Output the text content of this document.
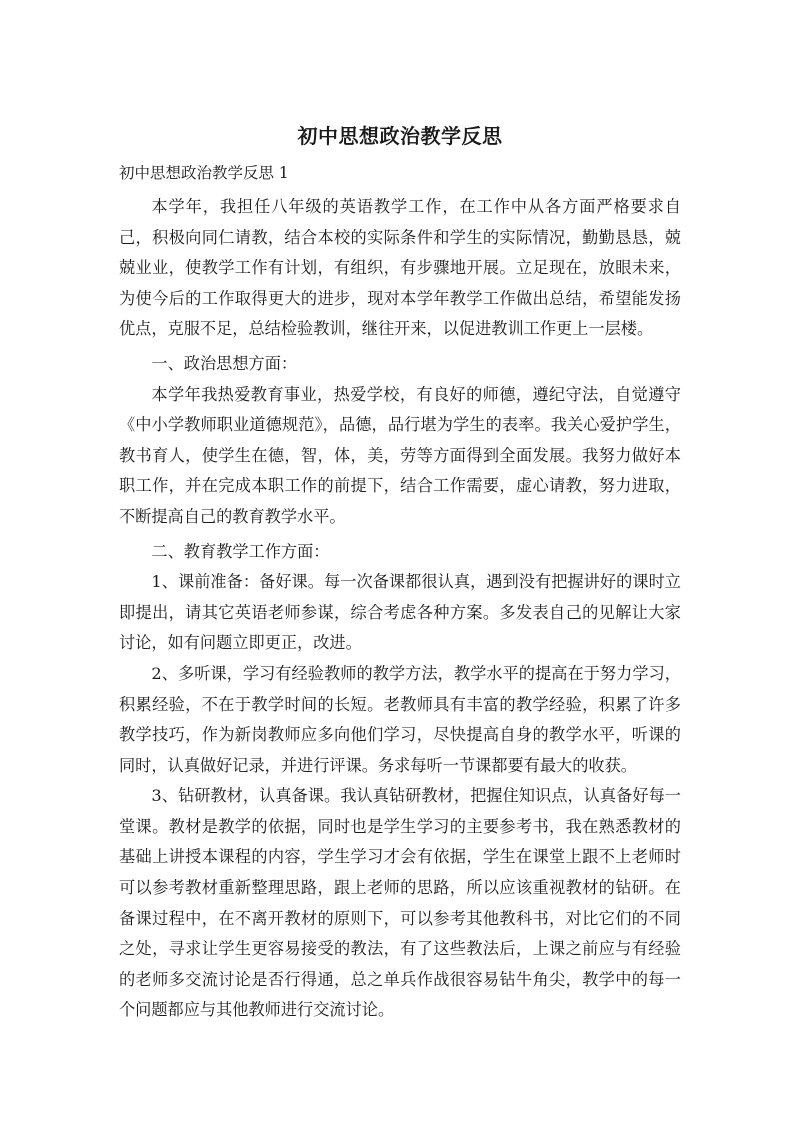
初中思想政治教学反思
初中思想政治教学反思 1

本学年，我担任八年级的英语教学工作，在工作中从各方面严格要求自己，积极向同仁请教，结合本校的实际条件和学生的实际情况，勤勤恳恳，兢兢业业，使教学工作有计划，有组织，有步骤地开展。立足现在，放眼未来，为使今后的工作取得更大的进步，现对本学年教学工作做出总结，希望能发扬优点，克服不足，总结检验教训，继往开来，以促进教训工作更上一层楼。

一、政治思想方面：

本学年我热爱教育事业，热爱学校，有良好的师德，遵纪守法，自觉遵守《中小学教师职业道德规范》，品德，品行堪为学生的表率。我关心爱护学生，教书育人，使学生在德，智，体，美，劳等方面得到全面发展。我努力做好本职工作，并在完成本职工作的前提下，结合工作需要，虚心请教，努力进取，不断提高自己的教育教学水平。

二、教育教学工作方面：

1、课前准备：备好课。每一次备课都很认真，遇到没有把握讲好的课时立即提出，请其它英语老师参谋，综合考虑各种方案。多发表自己的见解让大家讨论，如有问题立即更正，改进。

2、多听课，学习有经验教师的教学方法，教学水平的提高在于努力学习，积累经验，不在于教学时间的长短。老教师具有丰富的教学经验，积累了许多教学技巧，作为新岗教师应多向他们学习，尽快提高自身的教学水平，听课的同时，认真做好记录，并进行评课。务求每听一节课都要有最大的收获。

3、钻研教材，认真备课。我认真钻研教材，把握住知识点，认真备好每一堂课。教材是教学的依据，同时也是学生学习的主要参考书，我在熟悉教材的基础上讲授本课程的内容，学生学习才会有依据，学生在课堂上跟不上老师时可以参考教材重新整理思路，跟上老师的思路，所以应该重视教材的钻研。在备课过程中，在不离开教材的原则下，可以参考其他教科书，对比它们的不同之处，寻求让学生更容易接受的教法，有了这些教法后，上课之前应与有经验的老师多交流讨论是否行得通，总之单兵作战很容易钻牛角尖，教学中的每一个问题都应与其他教师进行交流讨论。
